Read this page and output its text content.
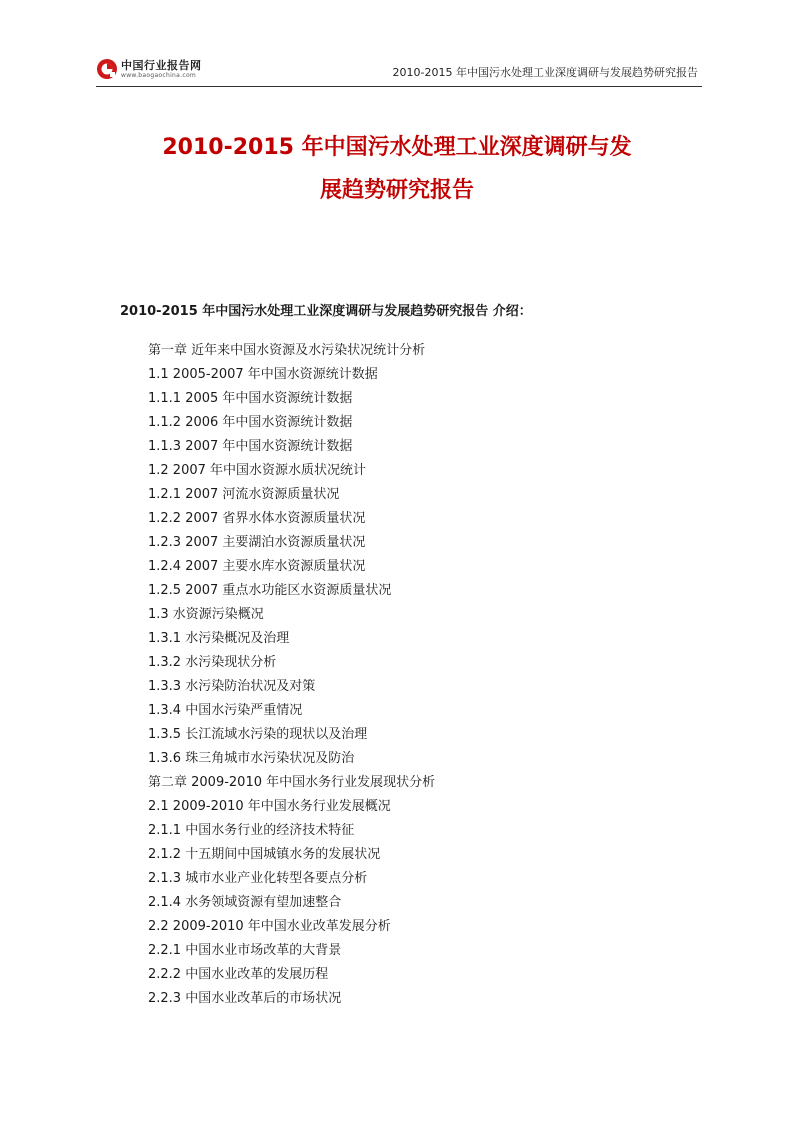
中国行业报告网
www.baogaochina.com	2010-2015 年中国污水处理工业深度调研与发展趋势研究报告
2010-2015 年中国污水处理工业深度调研与发
展趋势研究报告
2010-2015 年中国污水处理工业深度调研与发展趋势研究报告 介绍：
第一章 近年来中国水资源及水污染状况统计分析
1.1 2005-2007 年中国水资源统计数据
1.1.1 2005 年中国水资源统计数据
1.1.2 2006 年中国水资源统计数据
1.1.3 2007 年中国水资源统计数据
1.2 2007 年中国水资源水质状况统计
1.2.1 2007 河流水资源质量状况
1.2.2 2007 省界水体水资源质量状况
1.2.3 2007 主要湖泊水资源质量状况
1.2.4 2007 主要水库水资源质量状况
1.2.5 2007 重点水功能区水资源质量状况
1.3 水资源污染概况
1.3.1 水污染概况及治理
1.3.2 水污染现状分析
1.3.3 水污染防治状况及对策
1.3.4 中国水污染严重情况
1.3.5 长江流域水污染的现状以及治理
1.3.6 珠三角城市水污染状况及防治
第二章 2009-2010 年中国水务行业发展现状分析
2.1 2009-2010 年中国水务行业发展概况
2.1.1 中国水务行业的经济技术特征
2.1.2 十五期间中国城镇水务的发展状况
2.1.3 城市水业产业化转型各要点分析
2.1.4 水务领域资源有望加速整合
2.2 2009-2010 年中国水业改革发展分析
2.2.1 中国水业市场改革的大背景
2.2.2 中国水业改革的发展历程
2.2.3 中国水业改革后的市场状况
